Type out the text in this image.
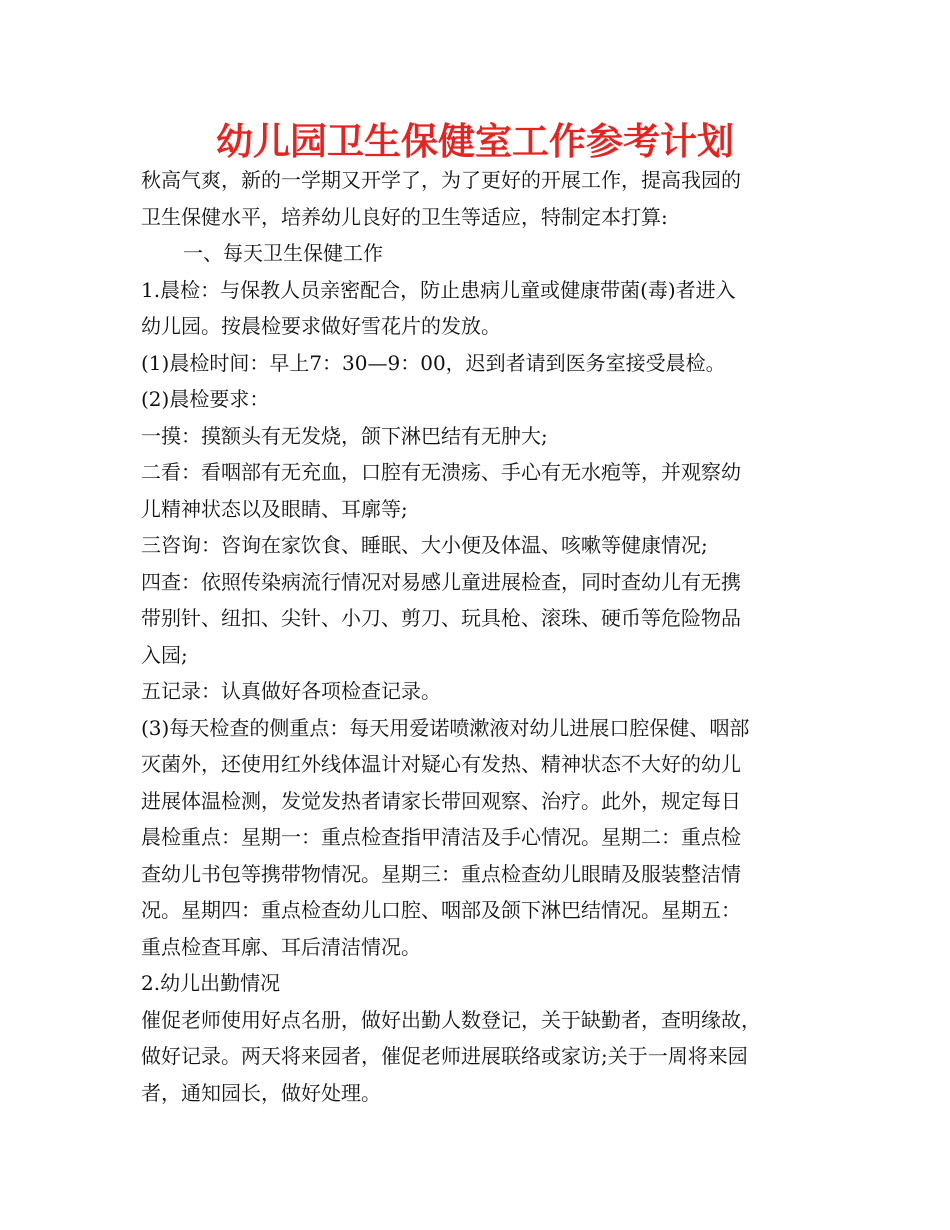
幼儿园卫生保健室工作参考计划
秋高气爽，新的一学期又开学了，为了更好的开展工作，提高我园的
卫生保健水平，培养幼儿良好的卫生等适应，特制定本打算:
一、每天卫生保健工作
1.晨检：与保教人员亲密配合，防止患病儿童或健康带菌(毒)者进入
幼儿园。按晨检要求做好雪花片的发放。
(1)晨检时间：早上7：30—9：00，迟到者请到医务室接受晨检。
(2)晨检要求：
一摸：摸额头有无发烧，颌下淋巴结有无肿大;
二看：看咽部有无充血，口腔有无溃疡、手心有无水疱等，并观察幼
儿精神状态以及眼睛、耳廓等;
三咨询：咨询在家饮食、睡眠、大小便及体温、咳嗽等健康情况;
四查：依照传染病流行情况对易感儿童进展检查，同时查幼儿有无携
带别针、纽扣、尖针、小刀、剪刀、玩具枪、滚珠、硬币等危险物品
入园;
五记录：认真做好各项检查记录。
(3)每天检查的侧重点：每天用爱诺喷漱液对幼儿进展口腔保健、咽部
灭菌外，还使用红外线体温计对疑心有发热、精神状态不大好的幼儿
进展体温检测，发觉发热者请家长带回观察、治疗。此外，规定每日
晨检重点：星期一：重点检查指甲清洁及手心情况。星期二：重点检
查幼儿书包等携带物情况。星期三：重点检查幼儿眼睛及服装整洁情
况。星期四：重点检查幼儿口腔、咽部及颌下淋巴结情况。星期五：
重点检查耳廓、耳后清洁情况。
2.幼儿出勤情况
催促老师使用好点名册，做好出勤人数登记，关于缺勤者，查明缘故，
做好记录。两天将来园者，催促老师进展联络或家访;关于一周将来园
者，通知园长，做好处理。
